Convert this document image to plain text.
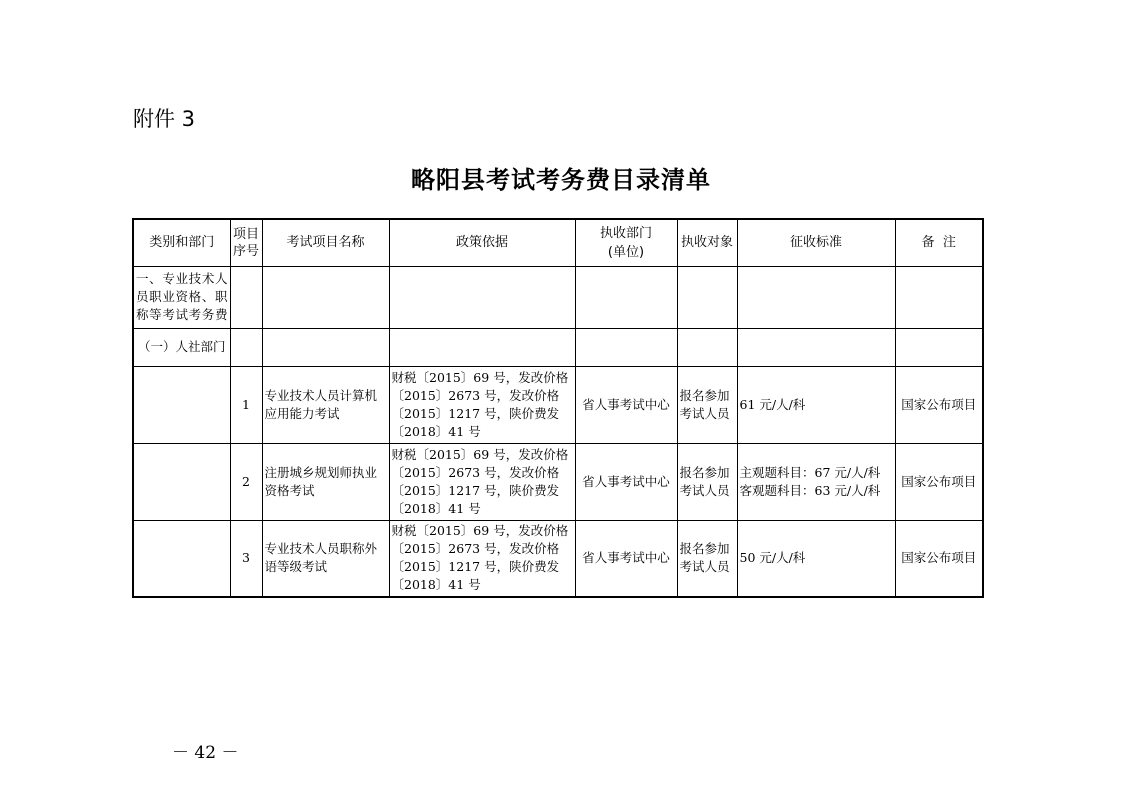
附件 3
略阳县考试考务费目录清单
类别和部门	项目序号	考试项目名称	政策依据	执收部门(单位)	执收对象	征收标准	备  注
一、专业技术人员职业资格、职称等考试考务费							
（一）人社部门							
	1	专业技术人员计算机应用能力考试	财税〔2015〕69 号，发改价格
〔2015〕2673 号，发改价格
〔2015〕1217 号，陕价费发
〔2018〕41 号	省人事考试中心	报名参加考试人员	61 元/人/科	国家公布项目
	2	注册城乡规划师执业资格考试	财税〔2015〕69 号，发改价格
〔2015〕2673 号，发改价格
〔2015〕1217 号，陕价费发
〔2018〕41 号	省人事考试中心	报名参加考试人员	主观题科目：67 元/人/科
客观题科目：63 元/人/科	国家公布项目
	3	专业技术人员职称外语等级考试	财税〔2015〕69 号，发改价格
〔2015〕2673 号，发改价格
〔2015〕1217 号，陕价费发
〔2018〕41 号	省人事考试中心	报名参加考试人员	50 元/人/科	国家公布项目
－ 42 －
